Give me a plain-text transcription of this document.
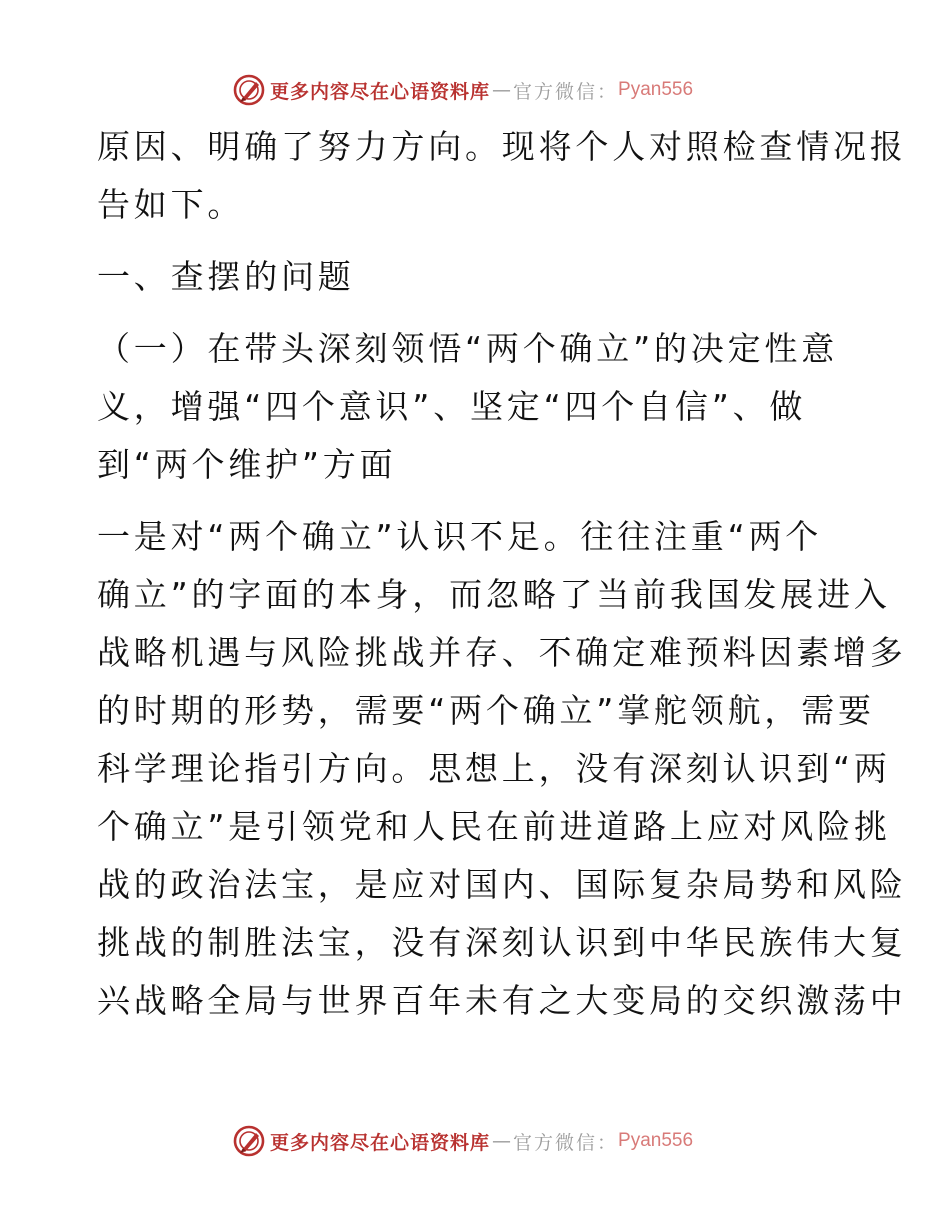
更多内容尽在心语资料库 — 官方微信： Pyan556

原因、明确了努力方向。现将个人对照检查情况报

告如下。

一、查摆的问题

（一）在带头深刻领悟“两个确立”的决定性意

义，增强“四个意识”、坚定“四个自信”、做

到“两个维护”方面

一是对“两个确立”认识不足。往往注重“两个

确立”的字面的本身，而忽略了当前我国发展进入

战略机遇与风险挑战并存、不确定难预料因素增多

的时期的形势，需要“两个确立”掌舵领航，需要

科学理论指引方向。思想上，没有深刻认识到“两

个确立”是引领党和人民在前进道路上应对风险挑

战的政治法宝，是应对国内、国际复杂局势和风险

挑战的制胜法宝，没有深刻认识到中华民族伟大复

兴战略全局与世界百年未有之大变局的交织激荡中

更多内容尽在心语资料库 — 官方微信： Pyan556
